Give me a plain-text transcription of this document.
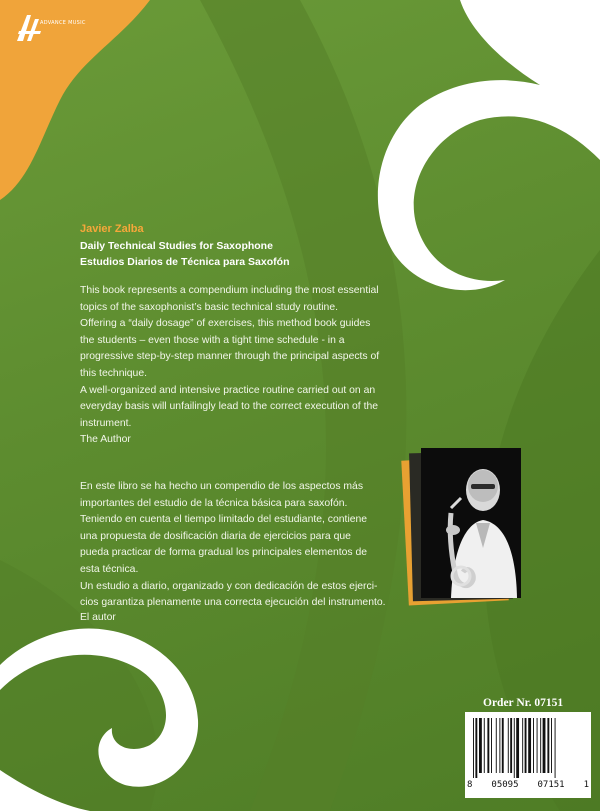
ADVANCE MUSIC
Javier Zalba
Daily Technical Studies for Saxophone
Estudios Diarios de Técnica para Saxofón

This book represents a compendium including the most essential

topics of the saxophonist’s basic technical study routine.

Offering a “daily dosage” of exercises, this method book guides

the students – even those with a tight time schedule - in a

progressive step-by-step manner through the principal aspects of

this technique.

A well-organized and intensive practice routine carried out on an

everyday basis will unfailingly lead to the correct execution of the

instrument.

The Author

En este libro se ha hecho un compendio de los aspectos más

importantes del estudio de la técnica básica para saxofón.

Teniendo en cuenta el tiempo limitado del estudiante, contiene

una propuesta de dosificación diaria de ejercicios para que

pueda practicar de forma gradual los principales elementos de

esta técnica.

Un estudio a diario, organizado y con dedicación de estos ejerci-

cios garantiza plenamente una correcta ejecución del instrumento.

El autor
Order Nr. 07151
8 05095 07151 1
